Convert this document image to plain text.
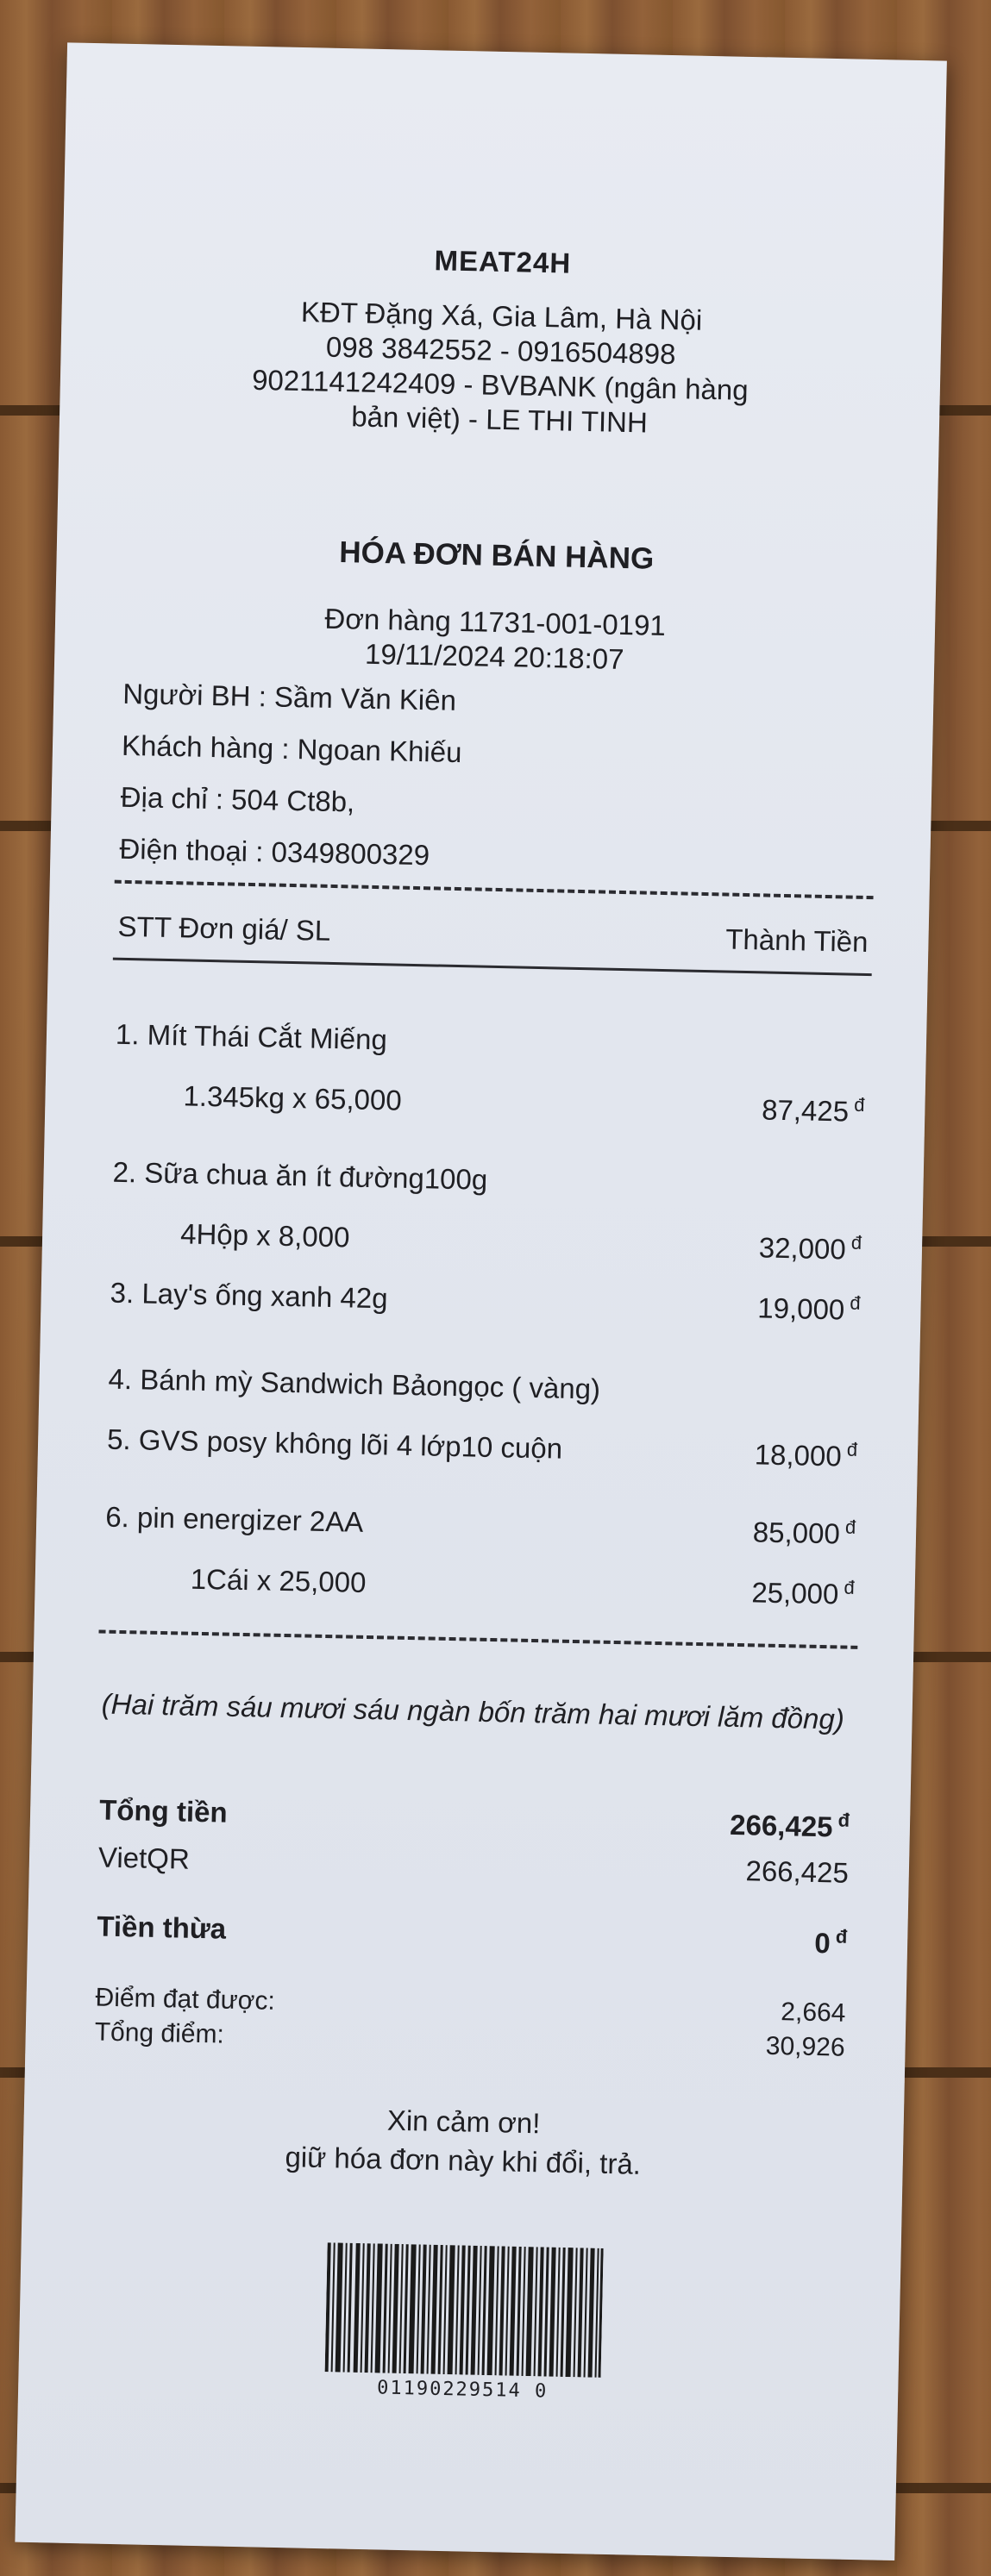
MEAT24H
KĐT Đặng Xá, Gia Lâm, Hà Nội
098 3842552 - 0916504898
9021141242409 - BVBANK (ngân hàng
bản việt) - LE THI TINH
HÓA ĐƠN BÁN HÀNG
Đơn hàng 11731-001-0191
19/11/2024 20:18:07
Người BH : Sầm Văn Kiên
Khách hàng : Ngoan Khiếu
Địa chỉ : 504 Ct8b,
Điện thoại : 0349800329
STT Đơn giá/ SL	Thành Tiền
1. Mít Thái Cắt Miếng
1.345kg x 65,000	87,425 $^đ$
2. Sữa chua ăn ít đường100g
4Hộp x 8,000	32,000 $^đ$
3. Lay's ống xanh 42g	19,000 $^đ$
4. Bánh mỳ Sandwich Bảongọc ( vàng)
5. GVS posy không lõi 4 lớp10 cuộn	18,000 $^đ$
6. pin energizer 2AA	85,000 $^đ$
1Cái x 25,000	25,000 $^đ$
(Hai trăm sáu mươi sáu ngàn bốn trăm hai mươi lăm đồng)
Tổng tiền	266,425 $^đ$
VietQR	266,425
Tiền thừa	0 $^đ$
Điểm đạt được:	2,664
Tổng điểm:	30,926
Xin cảm ơn!
giữ hóa đơn này khi đổi, trả.
01190229514 0
